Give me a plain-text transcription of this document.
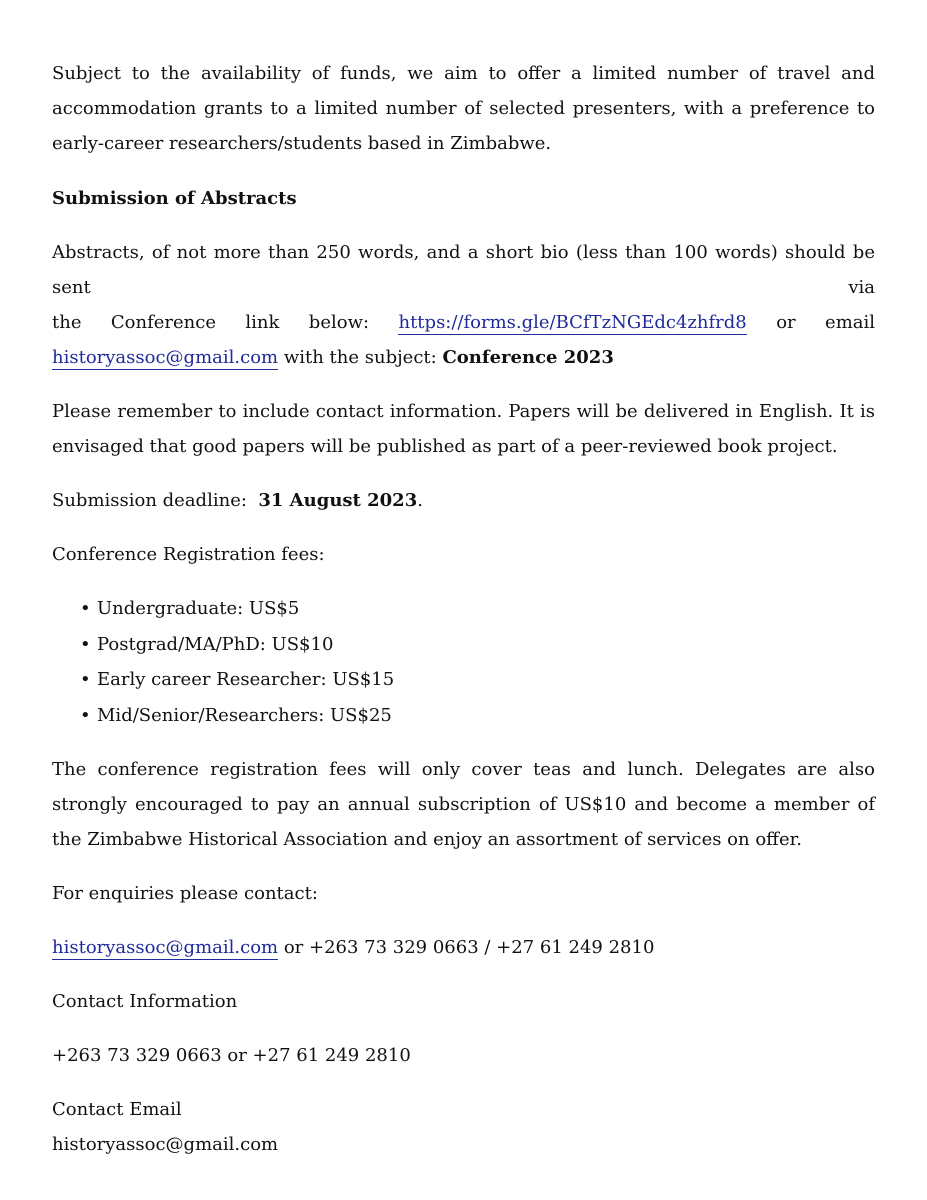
Subject to the availability of funds, we aim to offer a limited number of travel and accommodation grants to a limited number of selected presenters, with a preference to early-career researchers/students based in Zimbabwe.

Submission of Abstracts

Abstracts, of not more than 250 words, and a short bio (less than 100 words) should be sent via

the Conference link below: https://forms.gle/BCfTzNGEdc4zhfrd8 or email

historyassoc@gmail.com with the subject: Conference 2023

Please remember to include contact information. Papers will be delivered in English. It is envisaged that good papers will be published as part of a peer-reviewed book project.

Submission deadline:  31 August 2023.

Conference Registration fees:

• Undergraduate: US$5
• Postgrad/MA/PhD: US$10
• Early career Researcher: US$15
• Mid/Senior/Researchers: US$25

The conference registration fees will only cover teas and lunch. Delegates are also strongly encouraged to pay an annual subscription of US$10 and become a member of the Zimbabwe Historical Association and enjoy an assortment of services on offer.

For enquiries please contact:

historyassoc@gmail.com or +263 73 329 0663 / +27 61 249 2810

Contact Information

+263 73 329 0663 or +27 61 249 2810

Contact Email

historyassoc@gmail.com
